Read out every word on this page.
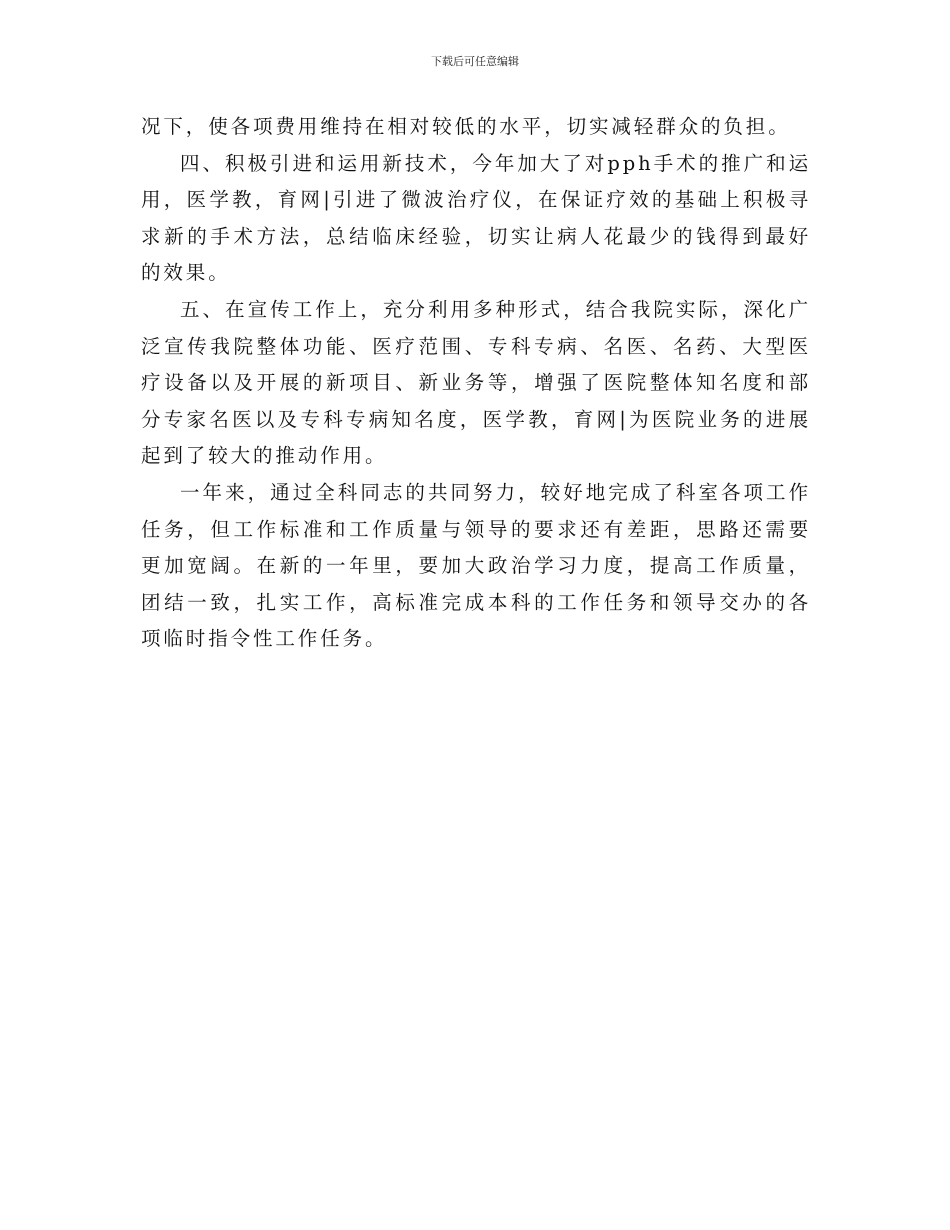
下载后可任意编辑

况下，使各项费用维持在相对较低的水平，切实减轻群众的负担。

四、积极引进和运用新技术，今年加大了对pph手术的推广和运用，医学教，育网|引进了微波治疗仪，在保证疗效的基础上积极寻求新的手术方法，总结临床经验，切实让病人花最少的钱得到最好的效果。

五、在宣传工作上，充分利用多种形式，结合我院实际，深化广泛宣传我院整体功能、医疗范围、专科专病、名医、名药、大型医疗设备以及开展的新项目、新业务等，增强了医院整体知名度和部分专家名医以及专科专病知名度，医学教，育网|为医院业务的进展起到了较大的推动作用。

一年来，通过全科同志的共同努力，较好地完成了科室各项工作任务，但工作标准和工作质量与领导的要求还有差距，思路还需要更加宽阔。在新的一年里，要加大政治学习力度，提高工作质量，团结一致，扎实工作，高标准完成本科的工作任务和领导交办的各项临时指令性工作任务。
